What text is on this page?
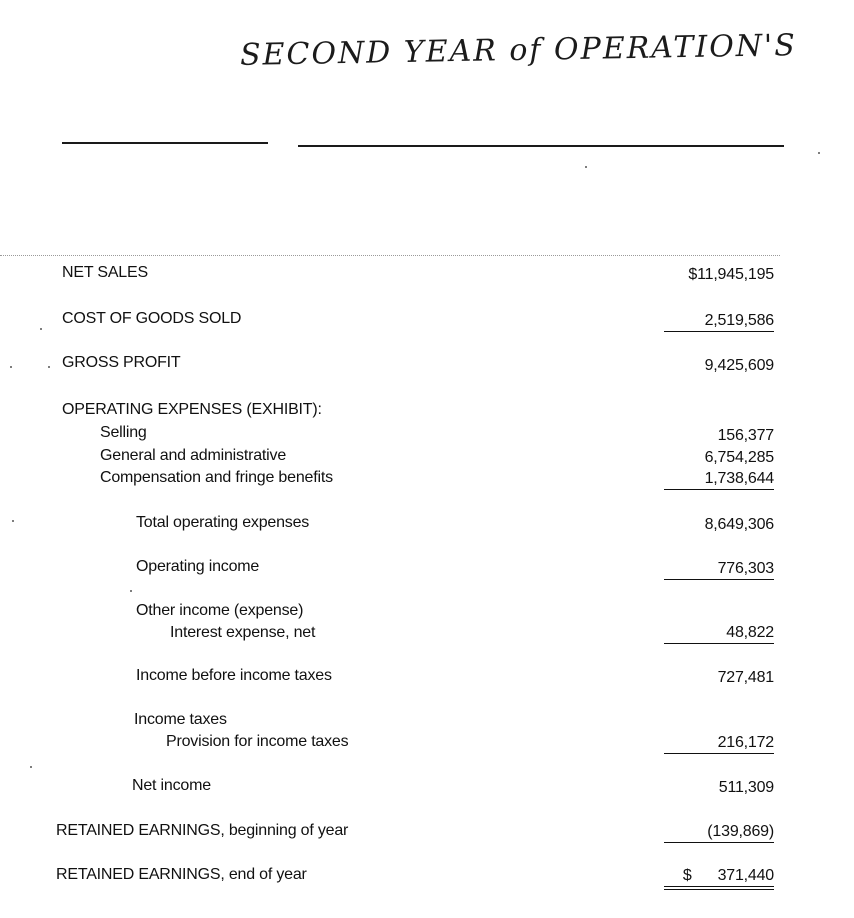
SECOND YEAR of OPERATION'S
NET SALES	$11,945,195
COST OF GOODS SOLD	2,519,586
GROSS PROFIT	9,425,609
OPERATING EXPENSES (EXHIBIT):
Selling	156,377
General and administrative	6,754,285
Compensation and fringe benefits	1,738,644
Total operating expenses	8,649,306
Operating income	776,303
Other income (expense)
Interest expense, net	48,822
Income before income taxes	727,481
Income taxes
Provision for income taxes	216,172
Net income	511,309
RETAINED EARNINGS, beginning of year	(139,869)
RETAINED EARNINGS, end of year	$ 371,440
